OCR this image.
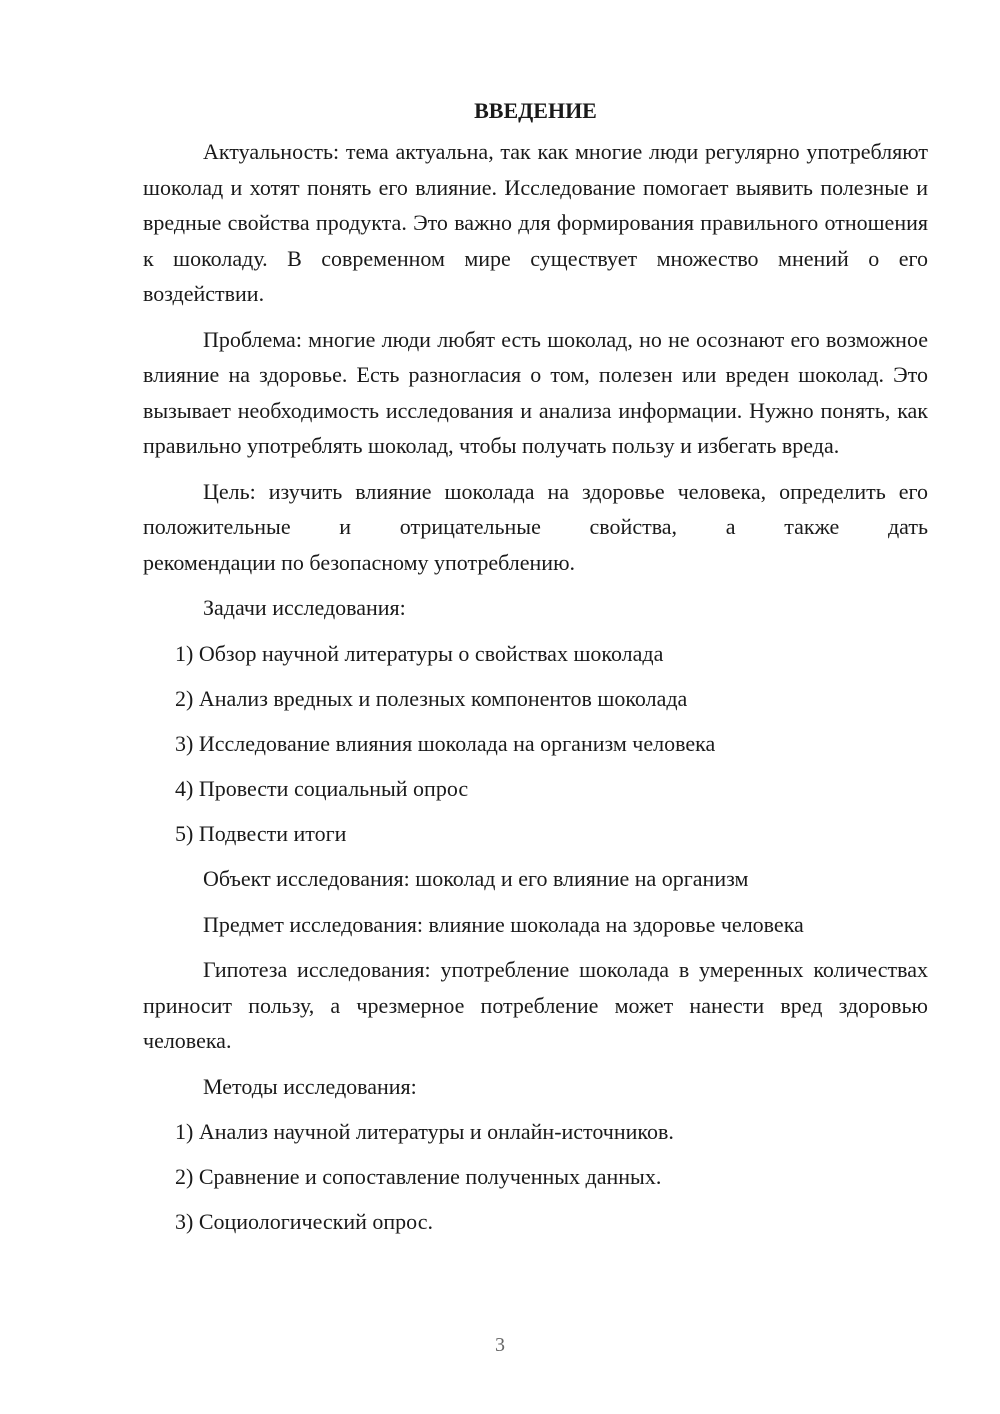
ВВЕДЕНИЕ

Актуальность: тема актуальна, так как многие люди регулярно употребляют шоколад и хотят понять его влияние. Исследование помогает выявить полезные и вредные свойства продукта. Это важно для формирования правильного отношения к шоколаду. В современном мире существует множество мнений о его воздействии.

Проблема: многие люди любят есть шоколад, но не осознают его возможное влияние на здоровье. Есть разногласия о том, полезен или вреден шоколад. Это вызывает необходимость исследования и анализа информации. Нужно понять, как правильно употреблять шоколад, чтобы получать пользу и избегать вреда.

Цель: изучить влияние шоколада на здоровье человека, определить его положительные и отрицательные свойства, а также дать

рекомендации по безопасному употреблению.

Задачи исследования:

1) Обзор научной литературы о свойствах шоколада
2) Анализ вредных и полезных компонентов шоколада
3) Исследование влияния шоколада на организм человека
4) Провести социальный опрос
5) Подвести итоги

Объект исследования: шоколад и его влияние на организм

Предмет исследования: влияние шоколада на здоровье человека

Гипотеза исследования: употребление шоколада в умеренных количествах приносит пользу, а чрезмерное потребление может нанести вред здоровью человека.

Методы исследования:

1) Анализ научной литературы и онлайн-источников.
2) Сравнение и сопоставление полученных данных.
3) Социологический опрос.
3
